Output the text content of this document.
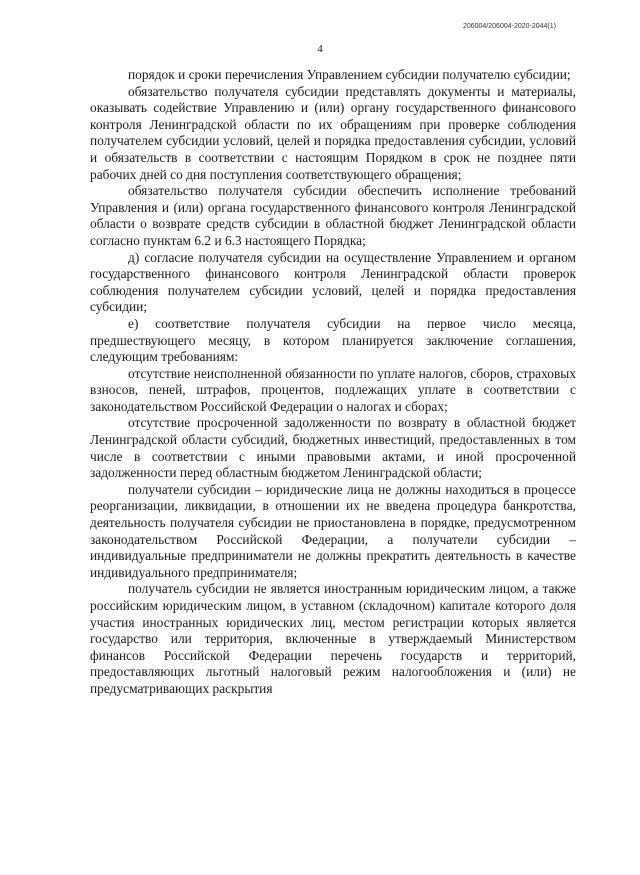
206004/206004-2020-2044(1)
4

порядок и сроки перечисления Управлением субсидии получателю субсидии;

обязательство получателя субсидии представлять документы и материалы, оказывать содействие Управлению и (или) органу государственного финансового контроля Ленинградской области по их обращениям при проверке соблюдения получателем субсидии условий, целей и порядка предоставления субсидии, условий и обязательств в соответствии с настоящим Порядком в срок не позднее пяти рабочих дней со дня поступления соответствующего обращения;

обязательство получателя субсидии обеспечить исполнение требований Управления и (или) органа государственного финансового контроля Ленинградской области о возврате средств субсидии в областной бюджет Ленинградской области согласно пунктам 6.2 и 6.3 настоящего Порядка;

д) согласие получателя субсидии на осуществление Управлением и органом государственного финансового контроля Ленинградской области проверок соблюдения получателем субсидии условий, целей и порядка предоставления субсидии;

е) соответствие получателя субсидии на первое число месяца, предшествующего месяцу, в котором планируется заключение соглашения, следующим требованиям:

отсутствие неисполненной обязанности по уплате налогов, сборов, страховых взносов, пеней, штрафов, процентов, подлежащих уплате в соответствии с законодательством Российской Федерации о налогах и сборах;

отсутствие просроченной задолженности по возврату в областной бюджет Ленинградской области субсидий, бюджетных инвестиций, предоставленных в том числе в соответствии с иными правовыми актами, и иной просроченной задолженности перед областным бюджетом Ленинградской области;

получатели субсидии – юридические лица не должны находиться в процессе реорганизации, ликвидации, в отношении их не введена процедура банкротства, деятельность получателя субсидии не приостановлена в порядке, предусмотренном законодательством Российской Федерации, а получатели субсидии – индивидуальные предприниматели не должны прекратить деятельность в качестве индивидуального предпринимателя;

получатель субсидии не является иностранным юридическим лицом, а также российским юридическим лицом, в уставном (складочном) капитале которого доля участия иностранных юридических лиц, местом регистрации которых является государство или территория, включенные в утверждаемый Министерством финансов Российской Федерации перечень государств и территорий, предоставляющих льготный налоговый режим налогообложения и (или) не предусматривающих раскрытия
